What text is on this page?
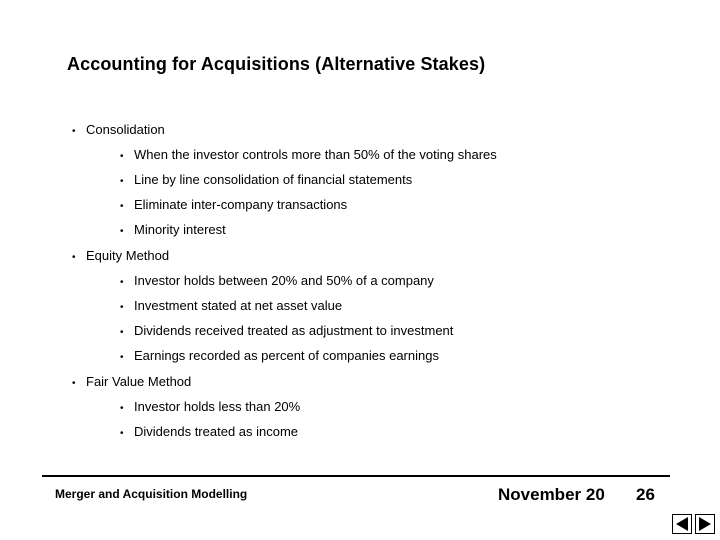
Accounting for Acquisitions (Alternative Stakes)
• Consolidation
• When the investor controls more than 50% of the voting shares
• Line by line consolidation of financial statements
• Eliminate inter-company transactions
• Minority interest
• Equity Method
• Investor holds between 20% and 50% of a company
• Investment stated at net asset value
• Dividends received treated as adjustment to investment
• Earnings recorded as percent of companies earnings
• Fair Value Method
• Investor holds less than 20%
• Dividends treated as income
Merger and Acquisition Modelling	November 20 26
